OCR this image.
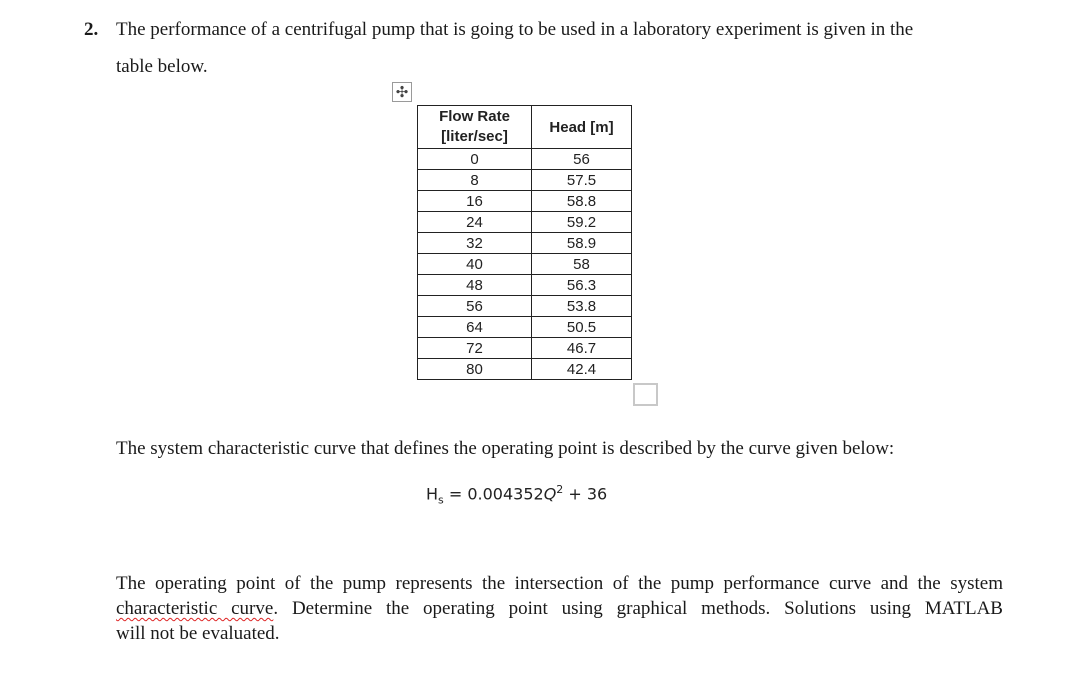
2. The performance of a centrifugal pump that is going to be used in a laboratory experiment is given in the
table below.
✣
Flow Rate
[liter/sec]	Head [m]
0	56
8	57.5
16	58.8
24	59.2
32	58.9
40	58
48	56.3
56	53.8
64	50.5
72	46.7
80	42.4
The system characteristic curve that defines the operating point is described by the curve given below:
$H_s = 0.004352Q^2 + 36$
The operating point of the pump represents the intersection of the pump performance curve and the system
characteristic curve. Determine the operating point using graphical methods. Solutions using MATLAB
will not be evaluated.
